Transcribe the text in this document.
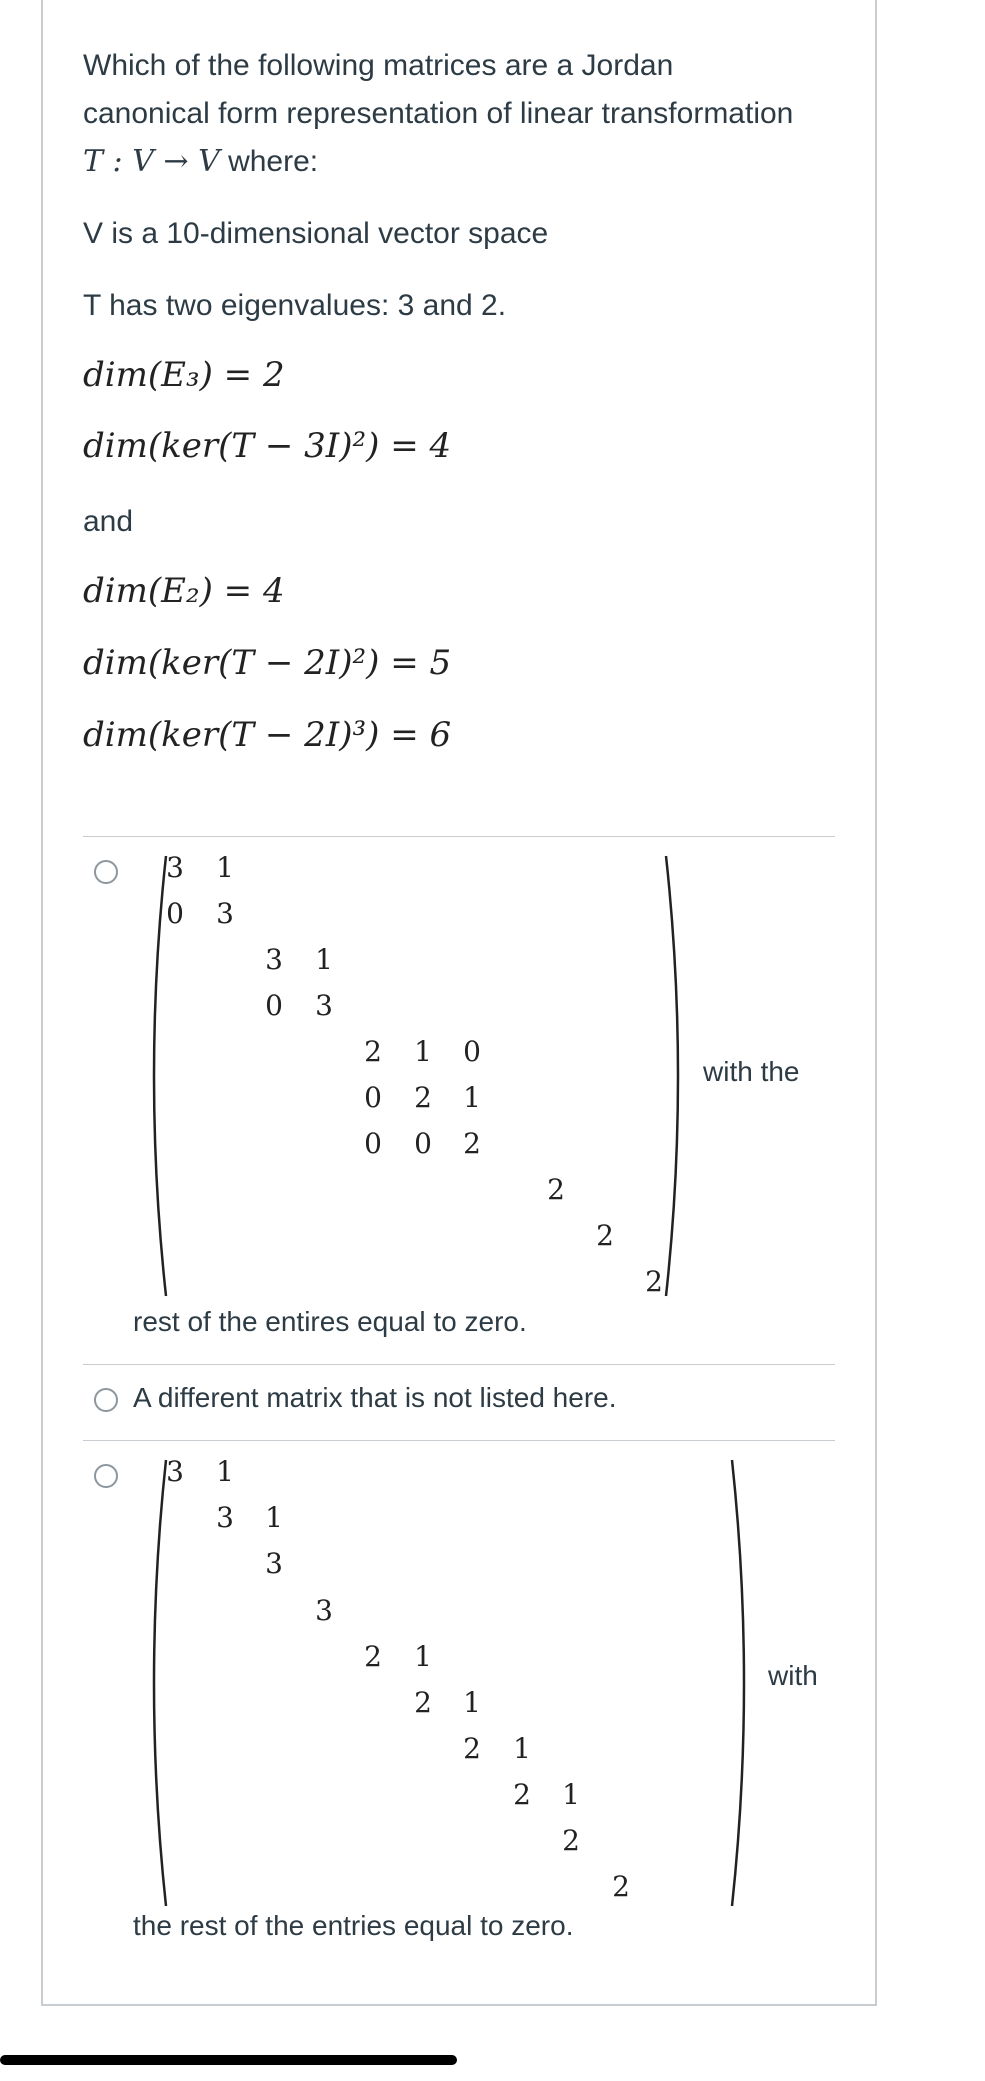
Which of the following matrices are a Jordan canonical form representation of linear transformation T : V → V where:
V is a 10-dimensional vector space
T has two eigenvalues: 3 and 2.
dim(E₃) = 2
dim(ker(T − 3I)²) = 4
and
dim(E₂) = 4
dim(ker(T − 2I)²) = 5
dim(ker(T − 2I)³) = 6
3 1
0 3
3 1
0 3
2 1 0
0 2 1
0 0 2
2
2
2
with the
rest of the entires equal to zero.
A different matrix that is not listed here.
3 1
3 1
3
3
2 1
2 1
2 1
2 1
2
2
with
the rest of the entries equal to zero.
